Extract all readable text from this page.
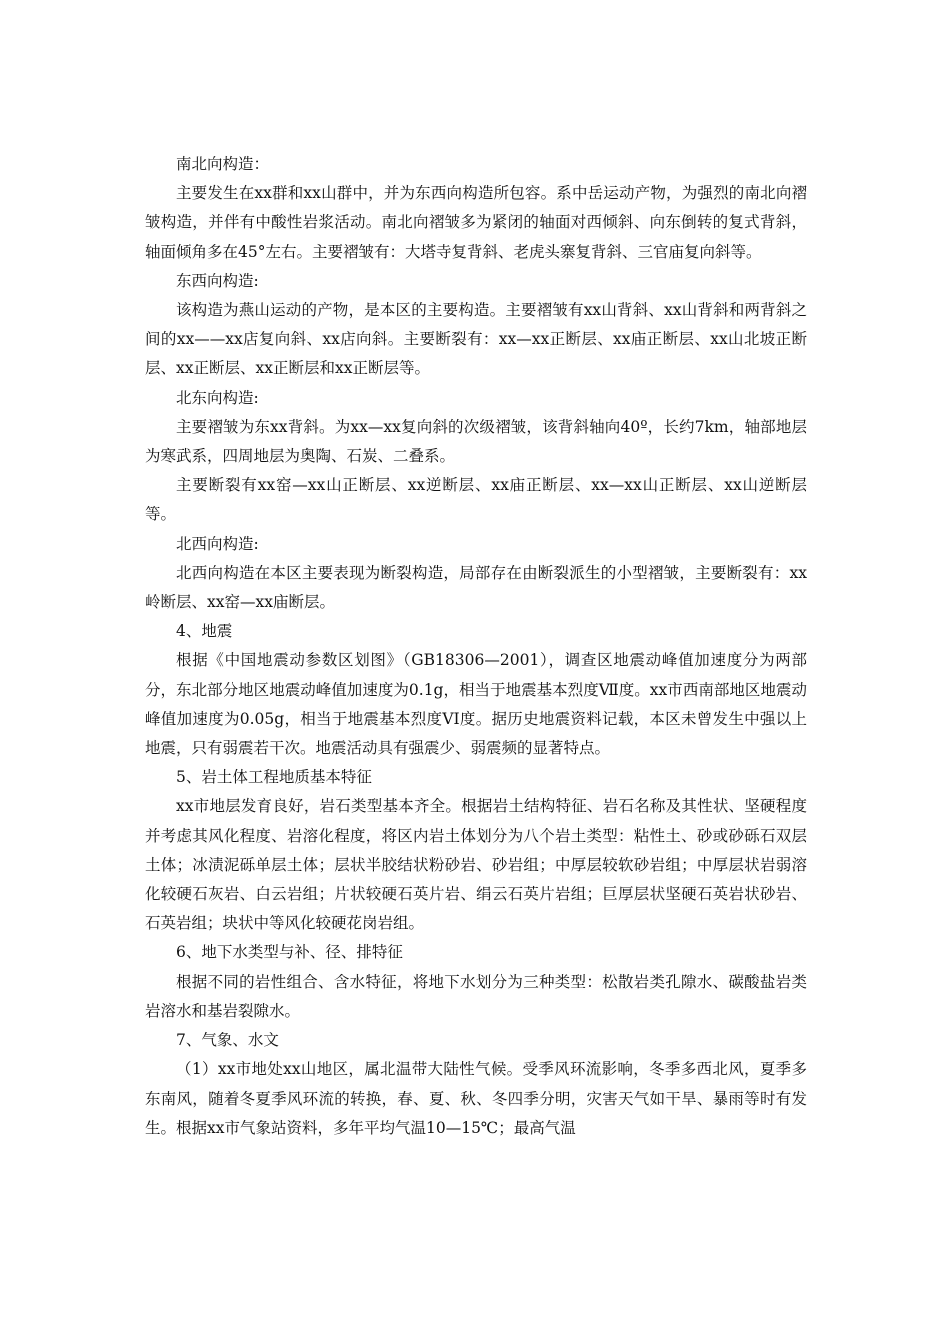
南北向构造：

主要发生在xx群和xx山群中，并为东西向构造所包容。系中岳运动产物，为强烈的南北向褶皱构造，并伴有中酸性岩浆活动。南北向褶皱多为紧闭的轴面对西倾斜、向东倒转的复式背斜，轴面倾角多在45°左右。主要褶皱有：大塔寺复背斜、老虎头寨复背斜、三官庙复向斜等。

东西向构造:

该构造为燕山运动的产物，是本区的主要构造。主要褶皱有xx山背斜、xx山背斜和两背斜之间的xx——xx店复向斜、xx店向斜。主要断裂有：xx—xx正断层、xx庙正断层、xx山北坡正断层、xx正断层、xx正断层和xx正断层等。

北东向构造:

主要褶皱为东xx背斜。为xx—xx复向斜的次级褶皱，该背斜轴向40º，长约7km，轴部地层为寒武系，四周地层为奥陶、石炭、二叠系。

主要断裂有xx窑—xx山正断层、xx逆断层、xx庙正断层、xx—xx山正断层、xx山逆断层等。

北西向构造:

北西向构造在本区主要表现为断裂构造，局部存在由断裂派生的小型褶皱，主要断裂有：xx岭断层、xx窑—xx庙断层。

4、地震

根据《中国地震动参数区划图》（GB18306—2001），调查区地震动峰值加速度分为两部分，东北部分地区地震动峰值加速度为0.1g，相当于地震基本烈度Ⅶ度。xx市西南部地区地震动峰值加速度为0.05g，相当于地震基本烈度VI度。据历史地震资料记载，本区未曾发生中强以上地震，只有弱震若干次。地震活动具有强震少、弱震频的显著特点。

5、岩土体工程地质基本特征

xx市地层发育良好，岩石类型基本齐全。根据岩土结构特征、岩石名称及其性状、坚硬程度并考虑其风化程度、岩溶化程度，将区内岩土体划分为八个岩土类型：粘性土、砂或砂砾石双层土体；冰渍泥砾单层土体；层状半胶结状粉砂岩、砂岩组；中厚层较软砂岩组；中厚层状岩弱溶化较硬石灰岩、白云岩组；片状较硬石英片岩、绢云石英片岩组；巨厚层状坚硬石英岩状砂岩、石英岩组；块状中等风化较硬花岗岩组。

6、地下水类型与补、径、排特征

根据不同的岩性组合、含水特征，将地下水划分为三种类型：松散岩类孔隙水、碳酸盐岩类岩溶水和基岩裂隙水。

7、气象、水文

（1）xx市地处xx山地区，属北温带大陆性气候。受季风环流影响，冬季多西北风，夏季多东南风，随着冬夏季风环流的转换，春、夏、秋、冬四季分明，灾害天气如干旱、暴雨等时有发生。根据xx市气象站资料，多年平均气温10—15℃；最高气温
